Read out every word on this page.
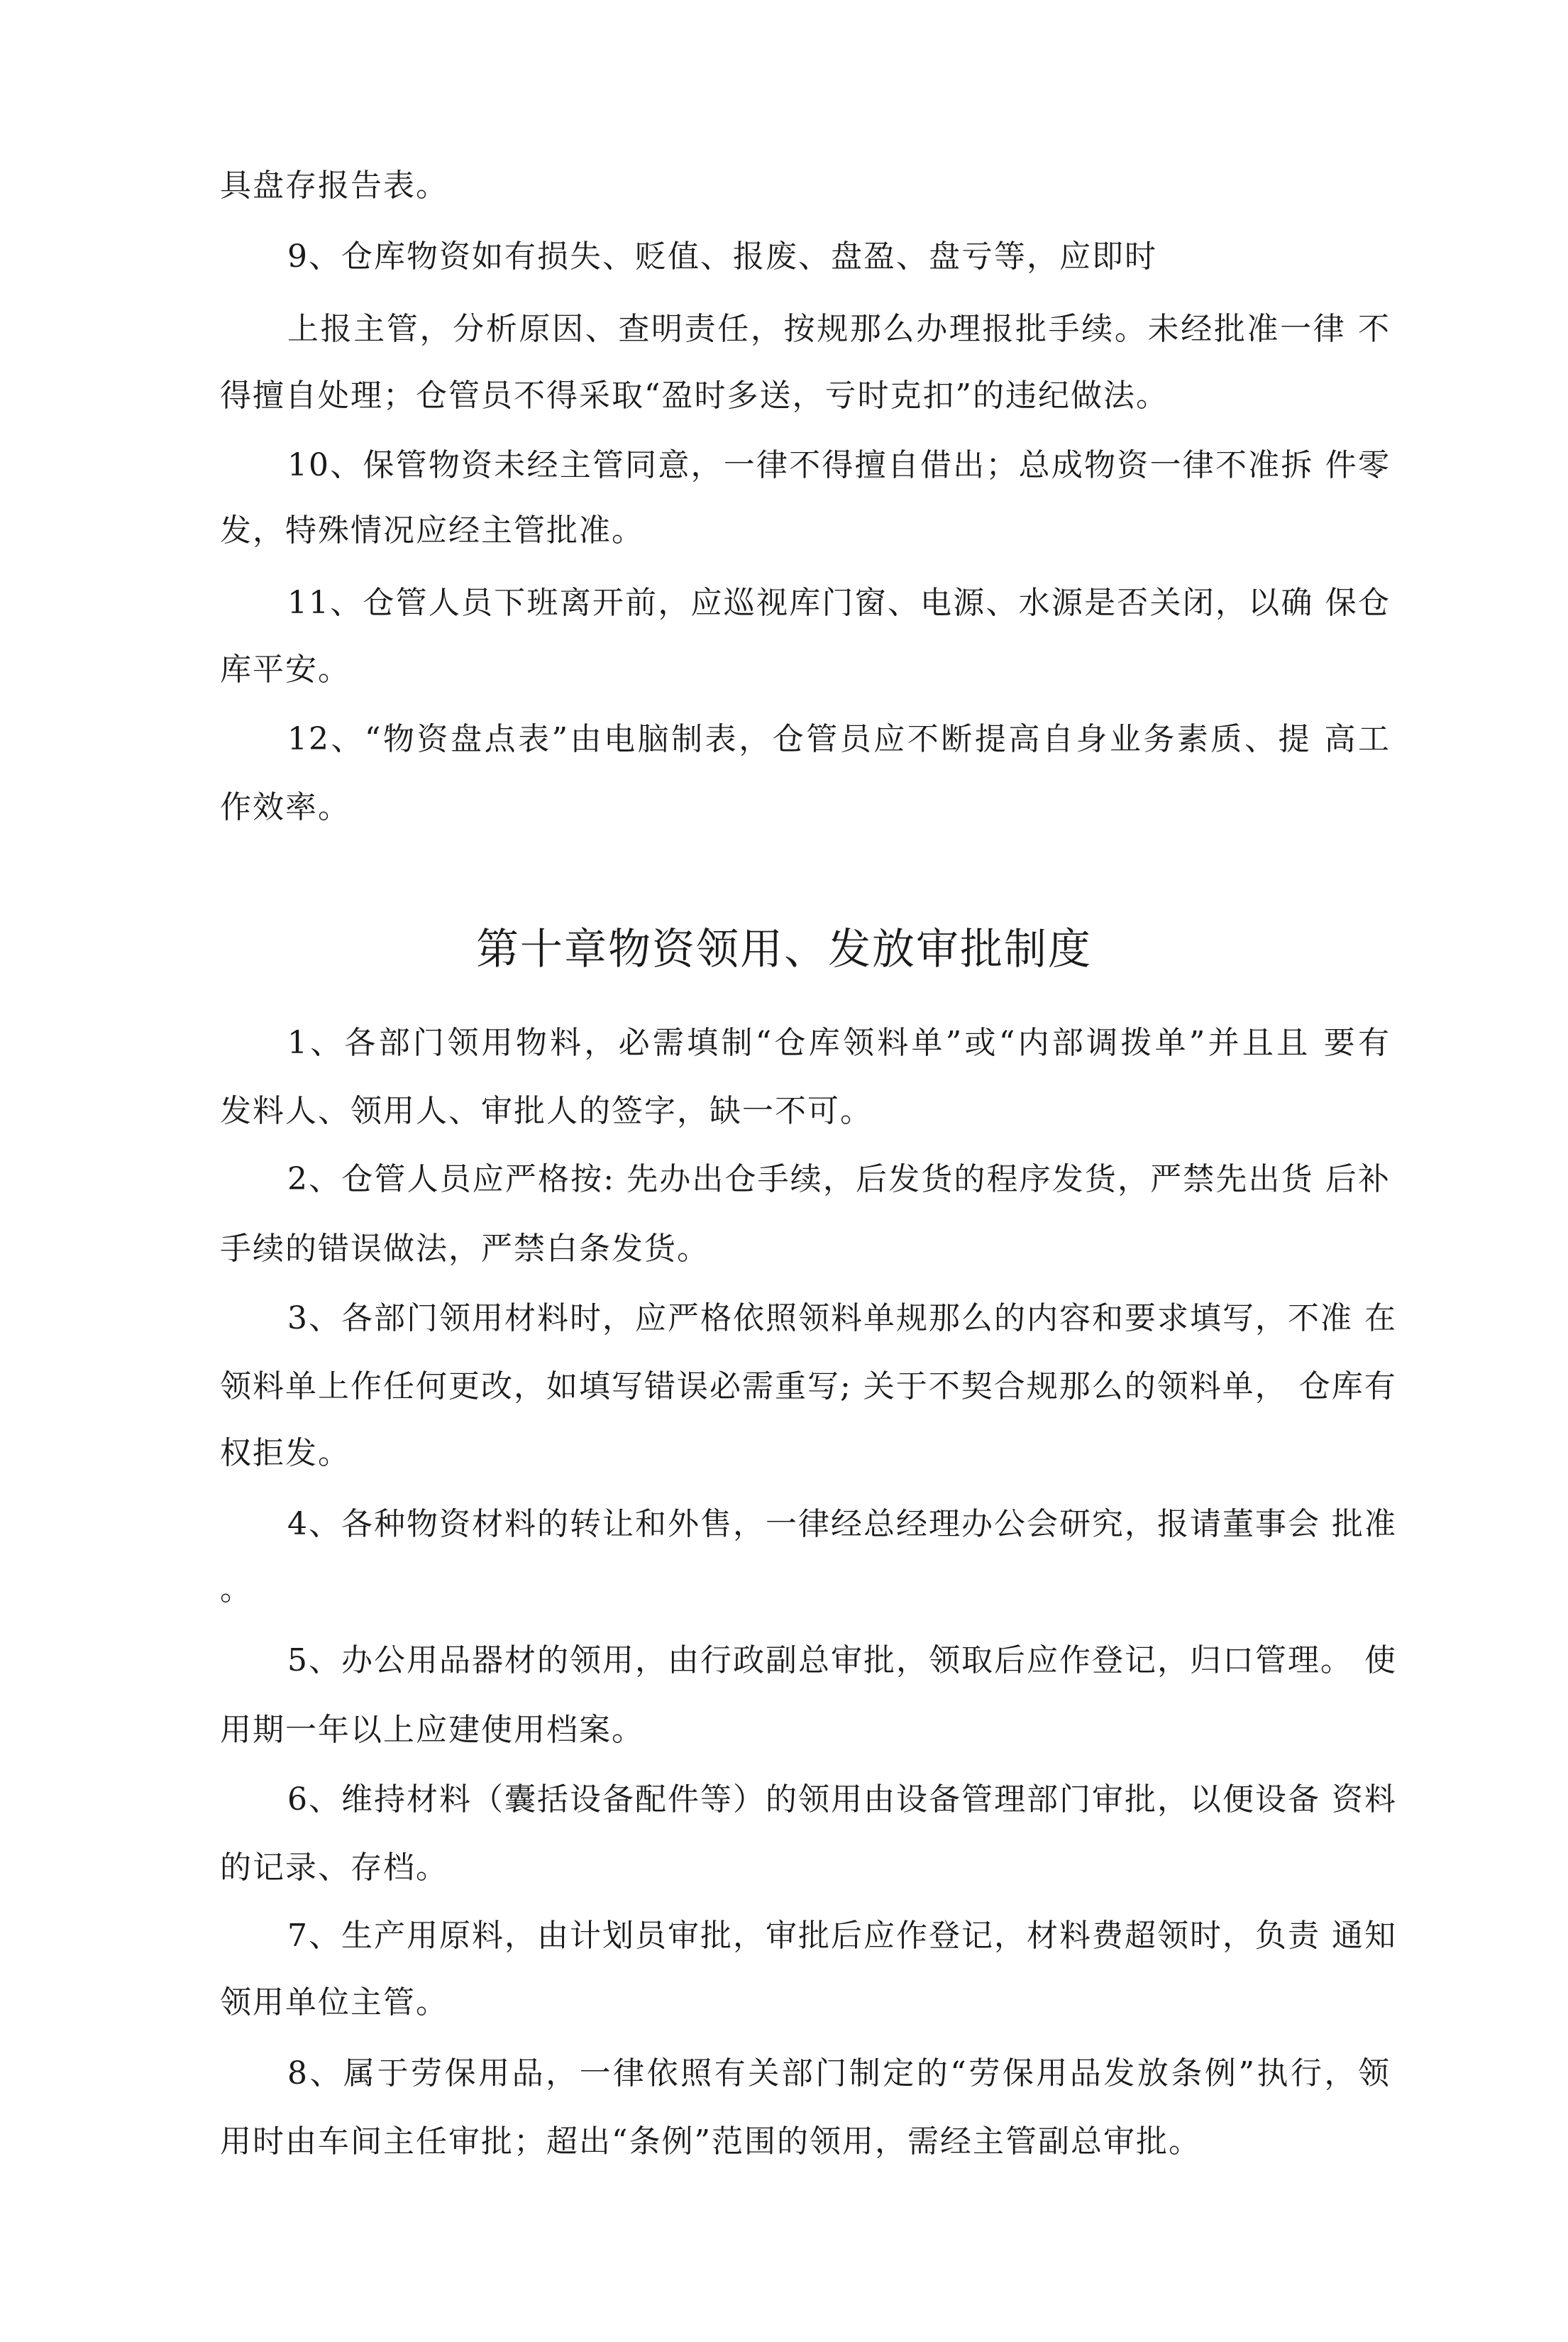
具盘存报告表。
9、仓库物资如有损失、贬值、报废、盘盈、盘亏等，应即时
上报主管，分析原因、查明责任，按规那么办理报批手续。未经批准一律 不
得擅自处理；仓管员不得采取“盈时多送，亏时克扣”的违纪做法。
10、保管物资未经主管同意，一律不得擅自借出；总成物资一律不准拆 件零
发，特殊情况应经主管批准。
11、仓管人员下班离开前，应巡视库门窗、电源、水源是否关闭，以确 保仓
库平安。
12、“物资盘点表”由电脑制表，仓管员应不断提高自身业务素质、提 高工
作效率。
第十章物资领用、发放审批制度
1、各部门领用物料，必需填制“仓库领料单”或“内部调拨单”并且且 要有
发料人、领用人、审批人的签字，缺一不可。
2、仓管人员应严格按: 先办出仓手续，后发货的程序发货，严禁先出货 后补
手续的错误做法，严禁白条发货。
3、各部门领用材料时，应严格依照领料单规那么的内容和要求填写，不准 在
领料单上作任何更改，如填写错误必需重写; 关于不契合规那么的领料单， 仓库有
权拒发。
4、各种物资材料的转让和外售，一律经总经理办公会研究，报请董事会 批准
。
5、办公用品器材的领用，由行政副总审批，领取后应作登记，归口管理。 使
用期一年以上应建使用档案。
6、维持材料（囊括设备配件等）的领用由设备管理部门审批，以便设备 资料
的记录、存档。
7、生产用原料，由计划员审批，审批后应作登记，材料费超领时，负责 通知
领用单位主管。
8、属于劳保用品，一律依照有关部门制定的“劳保用品发放条例”执行，领
用时由车间主任审批；超出“条例”范围的领用，需经主管副总审批。
